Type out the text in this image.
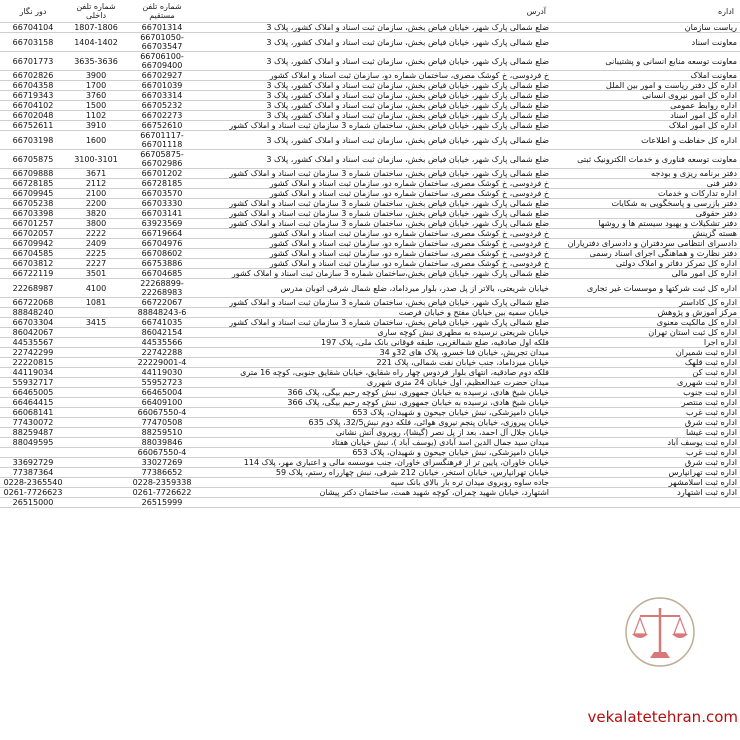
دور نگار	شماره تلفن داخلی	شماره تلفن مستقیم	آدرس	اداره
66704104	1807-1806	66701314	ضلع شمالی پارک شهر، خیابان فیاض بخش، سازمان ثبت اسناد و املاک کشور، پلاک 3	ریاست سازمان
66703158	1404-1402	66701050-66703547	ضلع شمالی پارک شهر، خیابان فیاض بخش، سازمان ثبت اسناد و املاک کشور، پلاک 3	معاونت اسناد
66701773	3635-3636	66706100-66709400	ضلع شمالی پارک شهر، خیابان فیاض بخش، سازمان ثبت اسناد و املاک کشور، پلاک 3	معاونت توسعه منابع انسانی و پشتیبانی
66702826	3900	66702927	خ فردوسی، خ کوشک مصری، ساختمان شماره دو، سازمان ثبت اسناد و املاک کشور	معاونت املاک
66704358	1700	66701039	ضلع شمالی پارک شهر، خیابان فیاض بخش، سازمان ثبت اسناد و املاک کشور، پلاک 3	اداره کل دفتر ریاست و امور بین الملل
66719343	3760	66703314	ضلع شمالی پارک شهر، خیابان فیاض بخش، سازمان ثبت اسناد و املاک کشور، پلاک 3	اداره کل امور نیروی انسانی
66704102	1500	66705232	ضلع شمالی پارک شهر، خیابان فیاض بخش، سازمان ثبت اسناد و املاک کشور، پلاک 3	اداره روابط عمومی
66702048	1102	66702273	ضلع شمالی پارک شهر، خیابان فیاض بخش، سازمان ثبت اسناد و املاک کشور، پلاک 3	اداره کل امور اسناد
66752611	3910	66752610	ضلع شمالی پارک شهر، خیابان فیاض بخش، ساختمان شماره 3 سازمان ثبت اسناد و املاک کشور	اداره کل امور املاک
66703198	1600	66701117-66701118	ضلع شمالی پارک شهر، خیابان فیاض بخش، سازمان ثبت اسناد و املاک کشور، پلاک 3	اداره کل حفاظت و اطلاعات
66705875	3100-3101	66705875-66702986	ضلع شمالی پارک شهر، خیابان فیاض بخش، سازمان ثبت اسناد و املاک کشور، پلاک 3	معاونت توسعه فناوری و خدمات الکترونیک ثبتی
66709888	3671	66701202	ضلع شمالی پارک شهر، خیابان فیاض بخش، ساختمان شماره 3 سازمان ثبت اسناد و املاک کشور	دفتر برنامه ریزی و بودجه
66728185	2112	66728185	خ فردوسی، خ کوشک مصری، ساختمان شماره دو، سازمان ثبت اسناد و املاک کشور	دفتر فنی
66709945	2100	66703570	خ فردوسی، خ کوشک مصری، ساختمان شماره دو، سازمان ثبت اسناد و املاک کشور	اداره تدارکات و خدمات
66705238	2200	66703330	ضلع شمالی پارک شهر، خیابان فیاض بخش، ساختمان شماره 3 سازمان ثبت اسناد و املاک کشور	دفتر بازرسی و پاسخگویی به شکایات
66703398	3820	66703141	ضلع شمالی پارک شهر، خیابان فیاض بخش، ساختمان شماره 3 سازمان ثبت اسناد و املاک کشور	دفتر حقوقی
66701257	3800	63923569	ضلع شمالی پارک شهر، خیابان فیاض بخش، ساختمان شماره 3 سازمان ثبت اسناد و املاک کشور	دفتر تشکیلات و بهبود سیستم ها و روشها
66702057	2222	66719664	خ فردوسی، خ کوشک مصری، ساختمان شماره دو، سازمان ثبت اسناد و املاک کشور	هسته گزینش
66709942	2409	66704976	خ فردوسی، خ کوشک مصری، ساختمان شماره دو، سازمان ثبت اسناد و املاک کشور	دادسرای انتظامی سردفتران و دادسرای دفتریاران
66704585	2225	66708602	خ فردوسی، خ کوشک مصری، ساختمان شماره دو، سازمان ثبت اسناد و املاک کشور	دفتر نظارت و هماهنگی اجرای اسناد رسمی
66703812	2227	66753886	خ فردوسی، خ کوشک مصری، ساختمان شماره دو، سازمان ثبت اسناد و املاک کشور	اداره کل تمرکز دفاتر و املاک دولتی
66722119	3501	66704685	ضلع شمالی پارک شهر، خیابان فیاض بخش،ساختمان شماره 3 سازمان ثبت اسناد و املاک کشور	اداره کل امور مالی
22268987	4100	22268899-22268983	خیابان شریعتی، بالاتر از پل صدر، بلوار میرداماد، ضلع شمال شرقی اتوبان مدرس	اداره کل ثبت شرکتها و موسسات غیر تجاری
66722068	1081	66722067	ضلع شمالی پارک شهر، خیابان فیاض بخش، ساختمان شماره 3 سازمان ثبت اسناد و املاک کشور	اداره کل کاداستر
88848240		88848243-6	خیابان سمیه بین خیابان مفتح و خیابان فرصت	مرکز آموزش و پژوهش
66703304	3415	66741035	ضلع شمالی پارک شهر، خیابان فیاض بخش، ساختمان شماره 3 سازمان ثبت اسناد و املاک کشور	اداره کل مالکیت معنوی
86042067		86042154	خیابان شریعتی نرسیده به مطهری نبش کوچه ساری	اداره کل ثبت استان تهران
44535567		44535566	فلکه اول صادقیه، ضلع شمالغربی، طبقه فوقانی بانک ملی، پلاک 197	اداره اجرا
22742299		22742288	میدان تجریش، خیابان فنا خسرو، پلاک های 32و 34	اداره ثبت شمیران
22220815		22229001-4	خیابان میرداماد، جنب خیابان نفت شمالی، پلاک 221	اداره ثبت قلهک
44119034		44119030	فلکه دوم صادقیه، انتهای بلوار فردوس چهار راه شقایق، خیابان شقایق جنوبی، کوچه 16 متری	اداره ثبت کن
55932717		55952723	میدان حضرت عبدالعظیم، اول خیابان 24 متری شهرری	اداره ثبت شهرری
66465005		66465004	خیابان شیخ هادی، نرسیده به خیابان جمهوری، نبش کوچه رحیم بیگی، پلاک 366	اداره ثبت جنوب
66464415		66409100	خیابان شیخ هادی، نرسیده به خیابان جمهوری، نبش کوچه رحیم بیگی، پلاک 366	اداره ثبت منتصر
66068141		66067550-4	خیابان دامپزشکی، نبش خیابان جیحون و شهیدان، پلاک 653	اداره ثبت غرب
77430072		77470508	خیابان پیروزی، خیابان پنجم نیروی هوائی، فلکه دوم نبش32/5، پلاک 635	اداره ثبت شرق
88259487		88259510	خیابان جلال آل احمد، بعد از پل نصر (گیشا)، روبروی آتش نشانی	اداره ثبت غیشا
88049595		88039846	میدان سید جمال الدین اسد آبادی (یوسف آباد )، نبش خیابان هفتاد	اداره ثبت یوسف آباد
		66067550-4	خیابان دامپزشکی، نبش خیابان جیحون و شهیدان، پلاک 653	اداره ثبت غرب
33692729		33027269	خیابان خاوران، پایین تر از فرهنگسرای خاوران، جنب موسسه مالی و اعتباری مهر، پلاک 114	اداره ثبت شرق
77387364		77386652	خیابان تهرانپارس، خیابان استخر، خیابان 212 شرقی، نبش چهارراه رستم، پلاک 59	اداره ثبت تهرانپارس
0228-2365540		0228-2359338	جاده ساوه روبروی میدان تره بار بالای بانک سپه	اداره ثبت اسلامشهر
0261-7726623		0261-7726622	اشتهارد، خیابان شهید چمران، کوچه شهید همت، ساختمان دکتر پیشان	اداره ثبت اشتهارد
26515000		26515999		
vekalatetehran.com
